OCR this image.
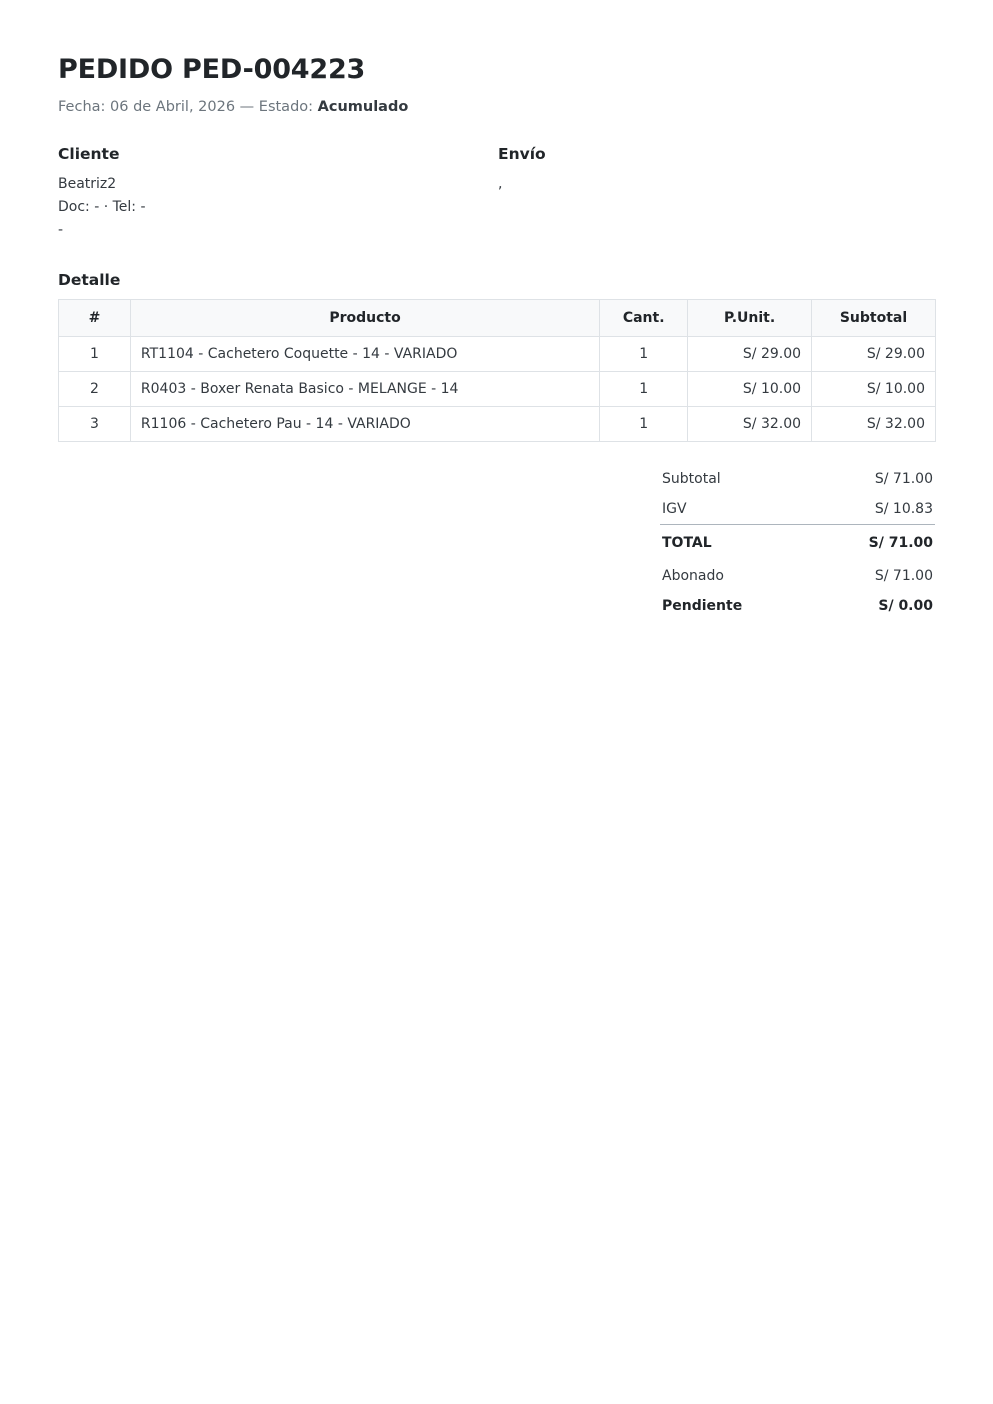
PEDIDO PED-004223
Fecha: 06 de Abril, 2026 — Estado: Acumulado
Cliente
Beatriz2
Doc: - · Tel: -
-
Envío
,
Detalle
#	Producto	Cant.	P.Unit.	Subtotal
1	RT1104 - Cachetero Coquette - 14 - VARIADO	1	S/ 29.00	S/ 29.00
2	R0403 - Boxer Renata Basico - MELANGE - 14	1	S/ 10.00	S/ 10.00
3	R1106 - Cachetero Pau - 14 - VARIADO	1	S/ 32.00	S/ 32.00
Subtotal	S/ 71.00
IGV	S/ 10.83
TOTAL	S/ 71.00
Abonado	S/ 71.00
Pendiente	S/ 0.00
